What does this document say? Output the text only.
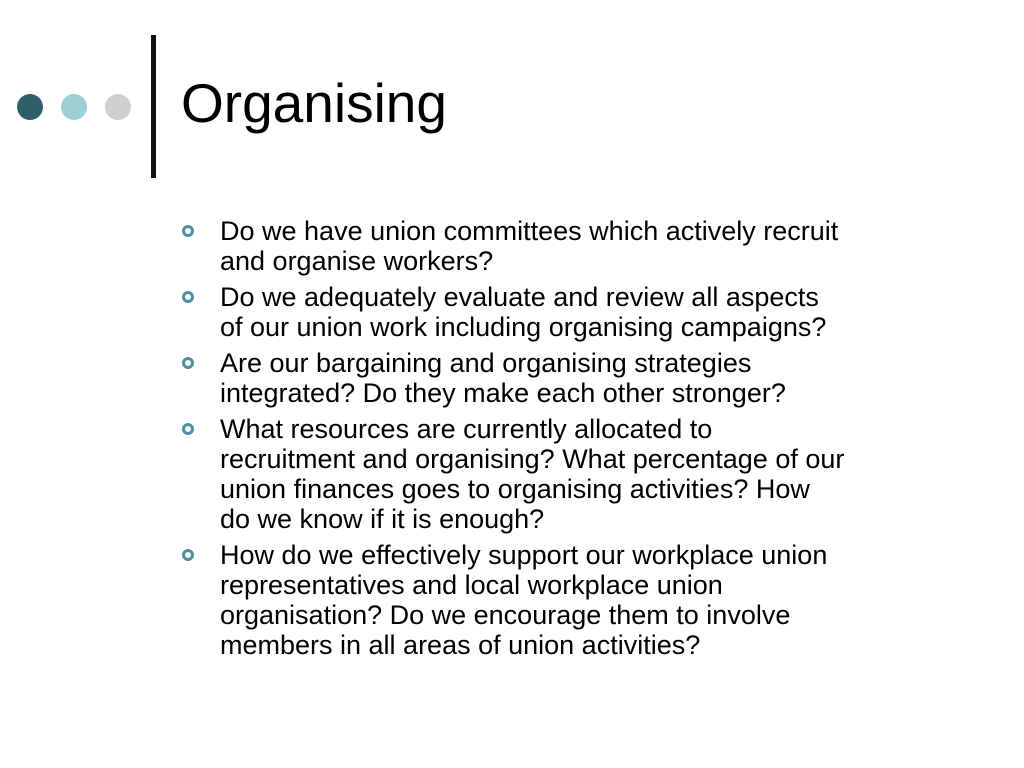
Organising
Do we have union committees which actively recruit
and organise workers?
Do we adequately evaluate and review all aspects
of our union work including organising campaigns?
Are our bargaining and organising strategies
integrated? Do they make each other stronger?
What resources are currently allocated to
recruitment and organising? What percentage of our
union finances goes to organising activities? How
do we know if it is enough?
How do we effectively support our workplace union
representatives and local workplace union
organisation? Do we encourage them to involve
members in all areas of union activities?
